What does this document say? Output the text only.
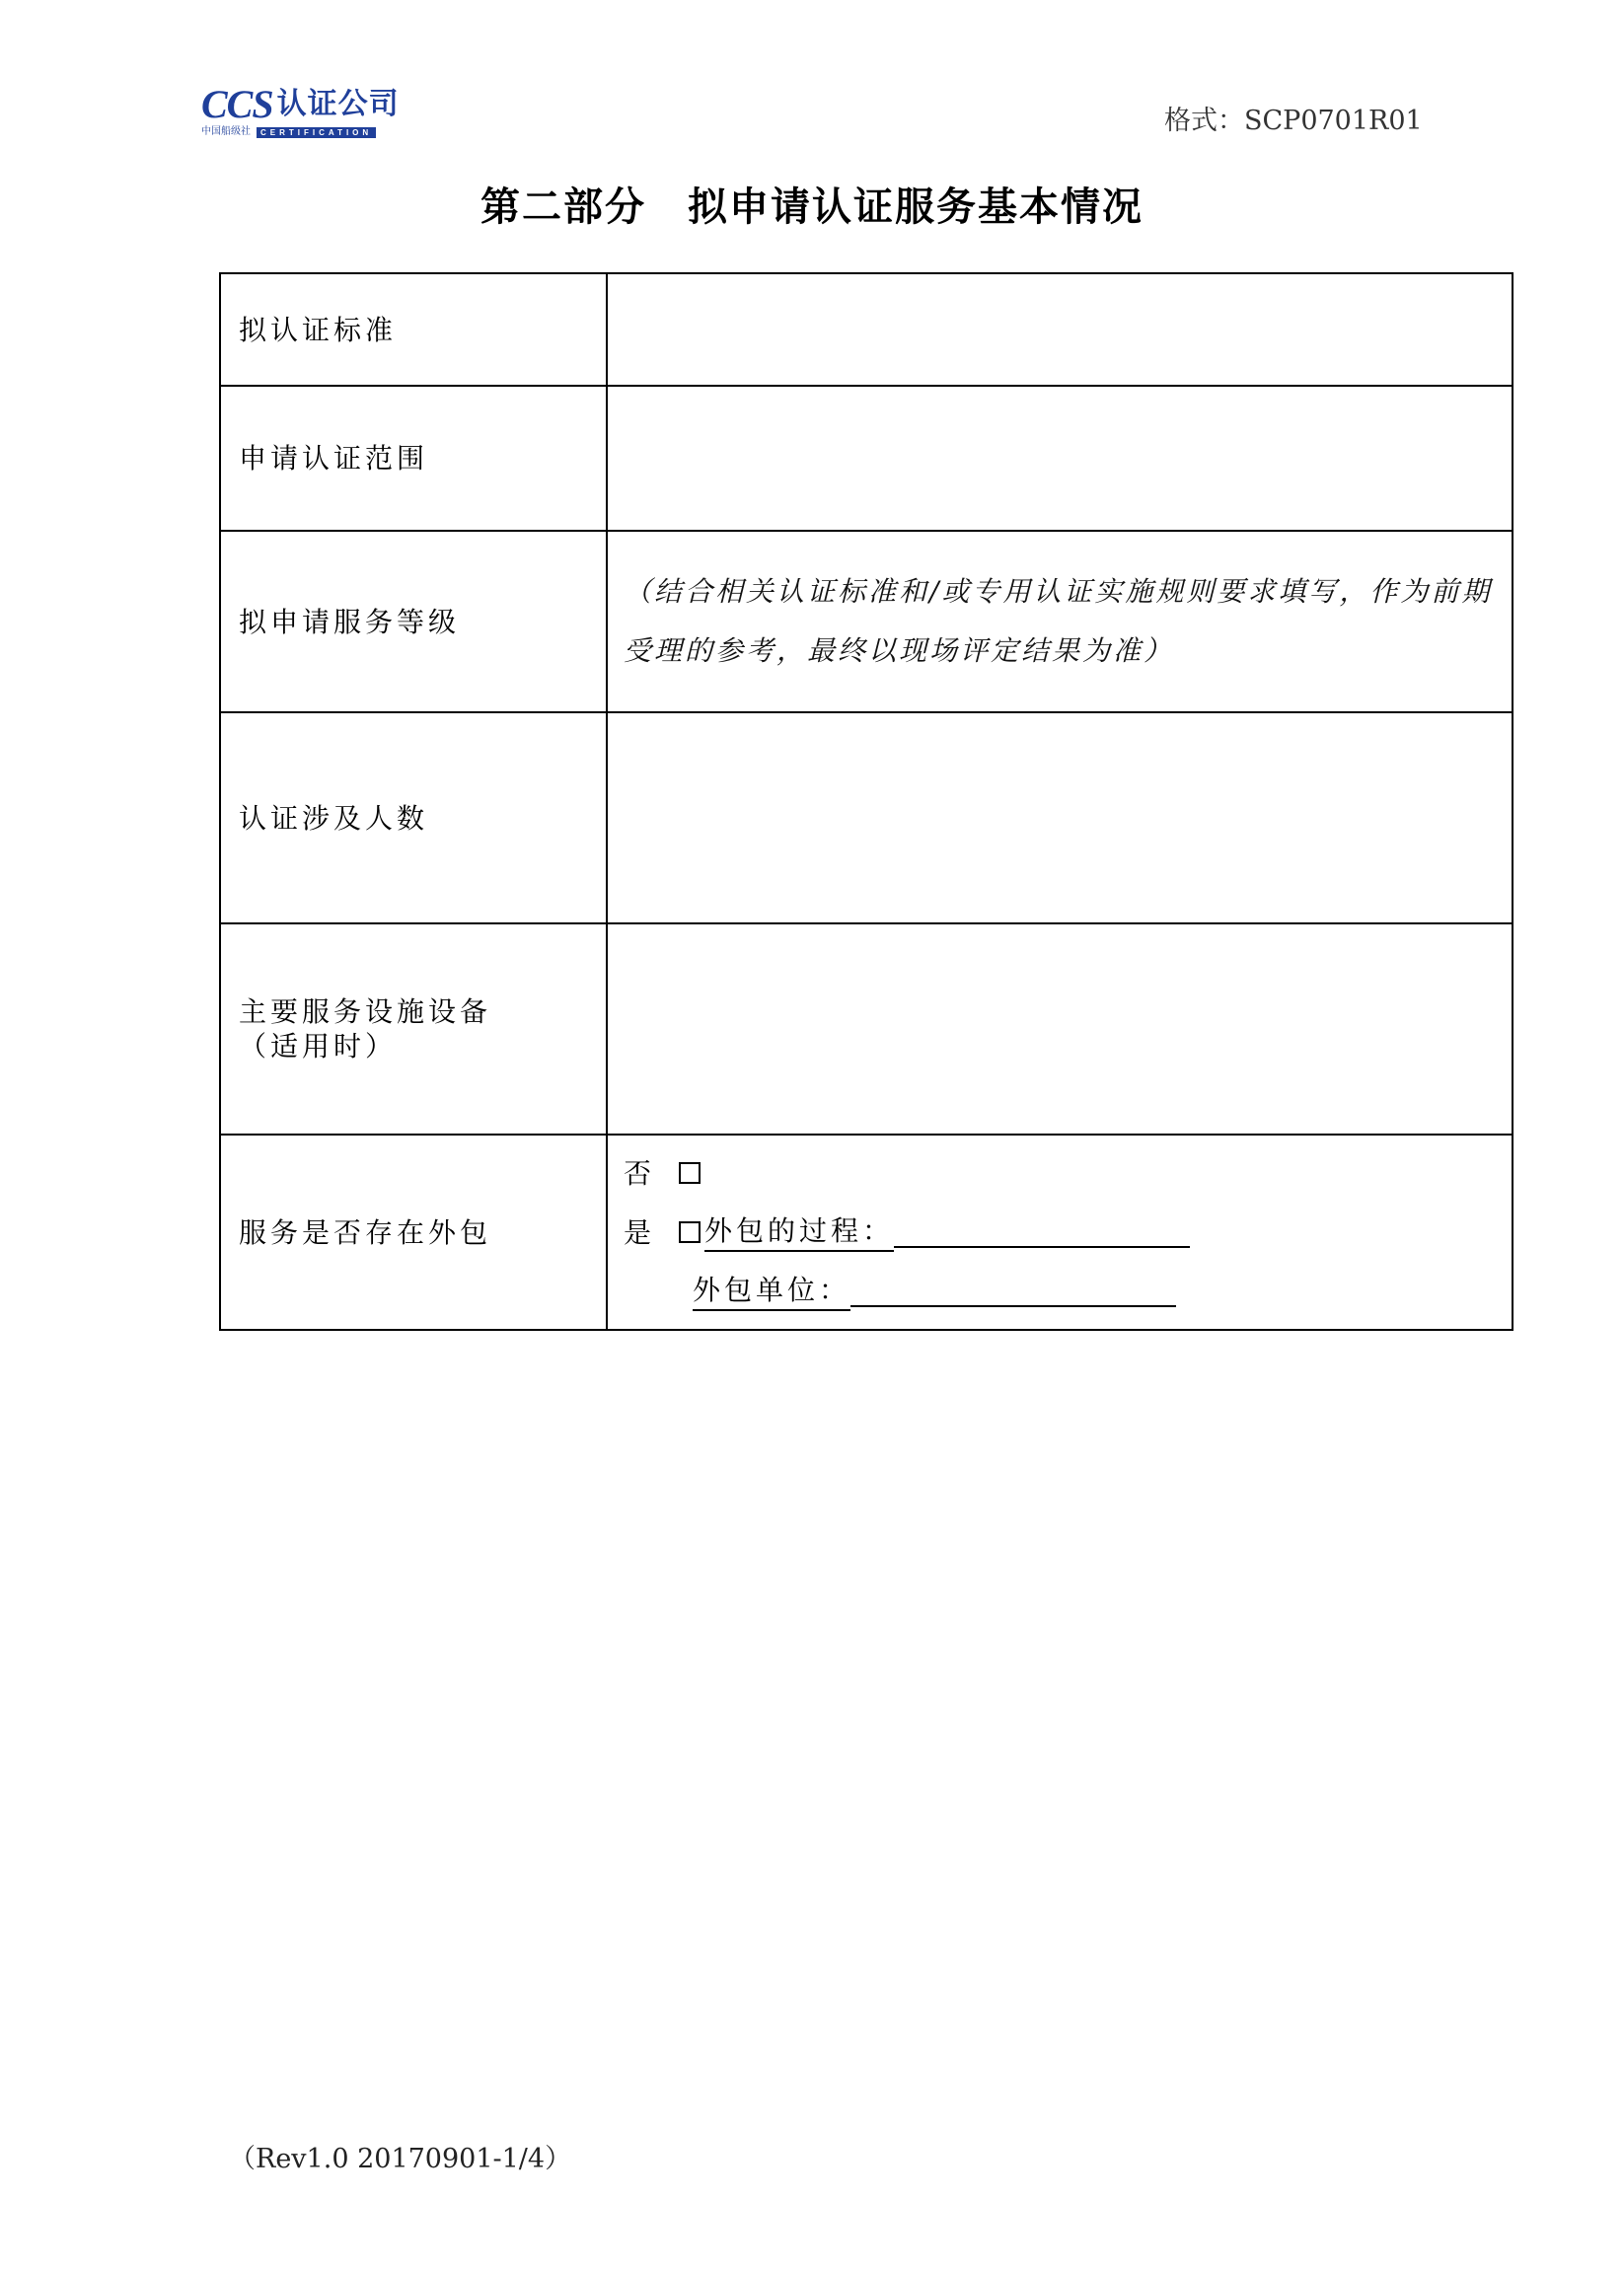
CCS 认证公司
中国船级社	CERTIFICATION	格式：SCP0701R01
第二部分　拟申请认证服务基本情况
拟认证标准	
申请认证范围	
拟申请服务等级	（结合相关认证标准和/或专用认证实施规则要求填写，作为前期受理的参考，最终以现场评定结果为准）

认证涉及人数	

主要服务设施设备
（适用时）	

服务是否存在外包	否
是 外包的过程：
外包单位：
（Rev1.0 20170901-1/4）
